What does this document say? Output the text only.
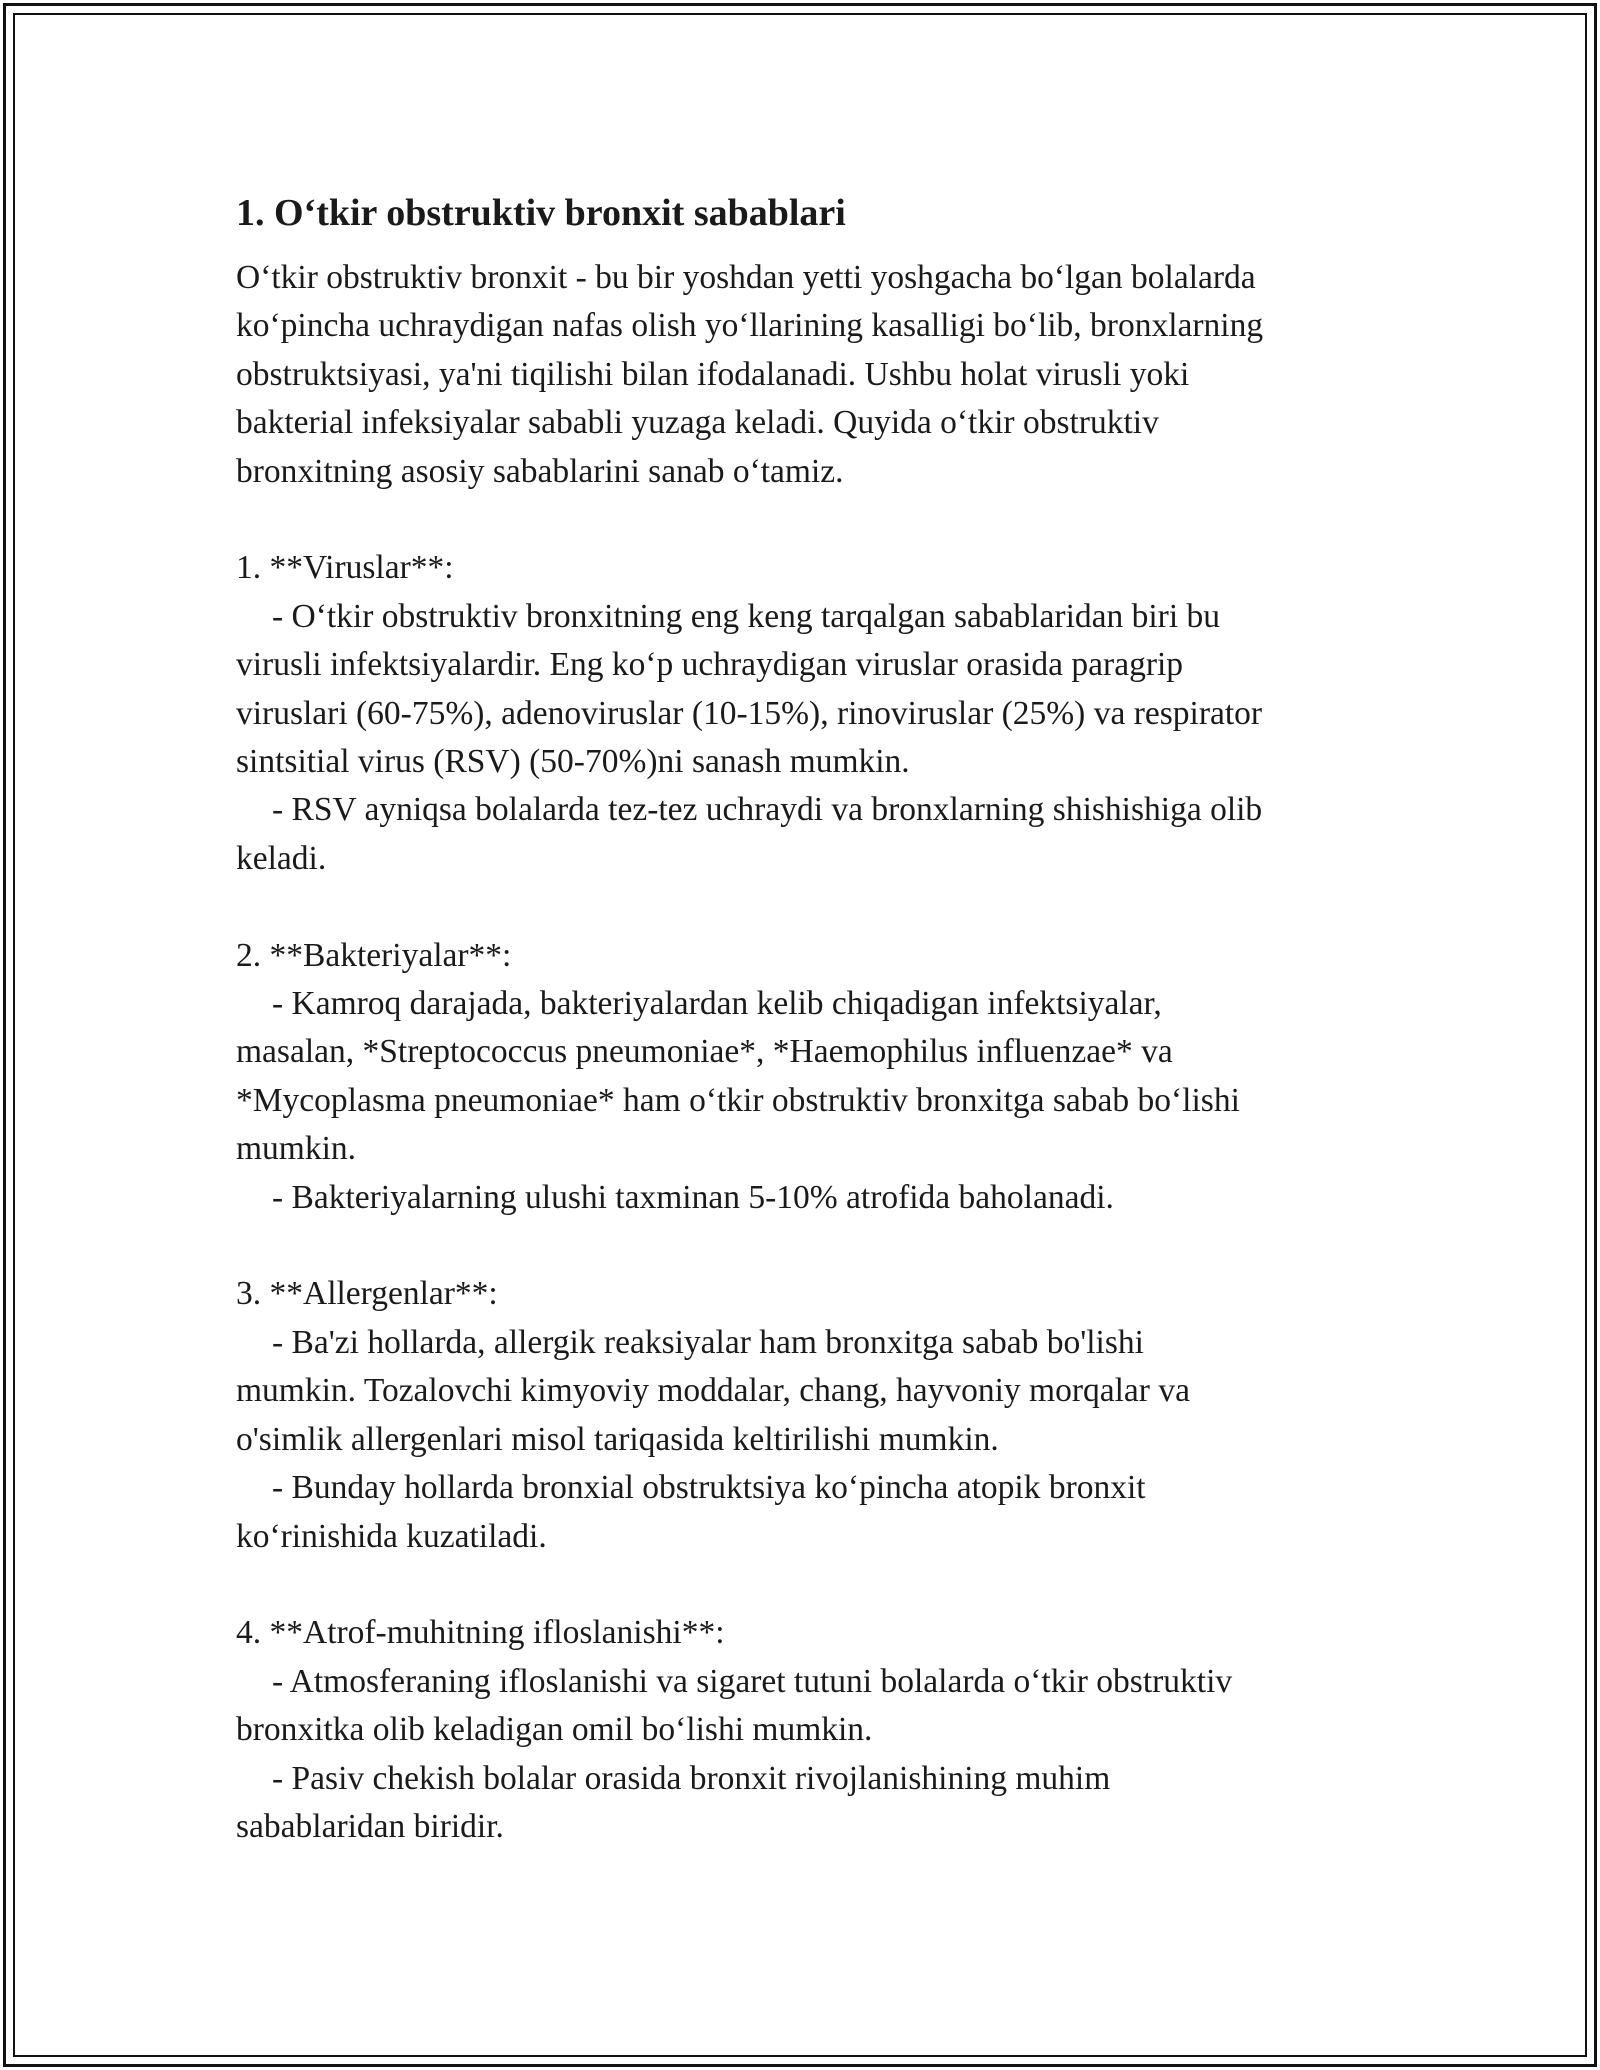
1. O‘tkir obstruktiv bronxit sabablari
O‘tkir obstruktiv bronxit - bu bir yoshdan yetti yoshgacha bo‘lgan bolalarda
ko‘pincha uchraydigan nafas olish yo‘llarining kasalligi bo‘lib, bronxlarning
obstruktsiyasi, ya'ni tiqilishi bilan ifodalanadi. Ushbu holat virusli yoki
bakterial infeksiyalar sababli yuzaga keladi. Quyida o‘tkir obstruktiv
bronxitning asosiy sabablarini sanab o‘tamiz.
1. **Viruslar**:
- O‘tkir obstruktiv bronxitning eng keng tarqalgan sabablaridan biri bu
virusli infektsiyalardir. Eng ko‘p uchraydigan viruslar orasida paragrip
viruslari (60-75%), adenoviruslar (10-15%), rinoviruslar (25%) va respirator
sintsitial virus (RSV) (50-70%)ni sanash mumkin.
- RSV ayniqsa bolalarda tez-tez uchraydi va bronxlarning shishishiga olib
keladi.
2. **Bakteriyalar**:
- Kamroq darajada, bakteriyalardan kelib chiqadigan infektsiyalar,
masalan, *Streptococcus pneumoniae*, *Haemophilus influenzae* va
*Mycoplasma pneumoniae* ham o‘tkir obstruktiv bronxitga sabab bo‘lishi
mumkin.
- Bakteriyalarning ulushi taxminan 5-10% atrofida baholanadi.
3. **Allergenlar**:
- Ba'zi hollarda, allergik reaksiyalar ham bronxitga sabab bo'lishi
mumkin. Tozalovchi kimyoviy moddalar, chang, hayvoniy morqalar va
o'simlik allergenlari misol tariqasida keltirilishi mumkin.
- Bunday hollarda bronxial obstruktsiya ko‘pincha atopik bronxit
ko‘rinishida kuzatiladi.
4. **Atrof-muhitning ifloslanishi**:
- Atmosferaning ifloslanishi va sigaret tutuni bolalarda o‘tkir obstruktiv
bronxitka olib keladigan omil bo‘lishi mumkin.
- Pasiv chekish bolalar orasida bronxit rivojlanishining muhim
sabablaridan biridir.
